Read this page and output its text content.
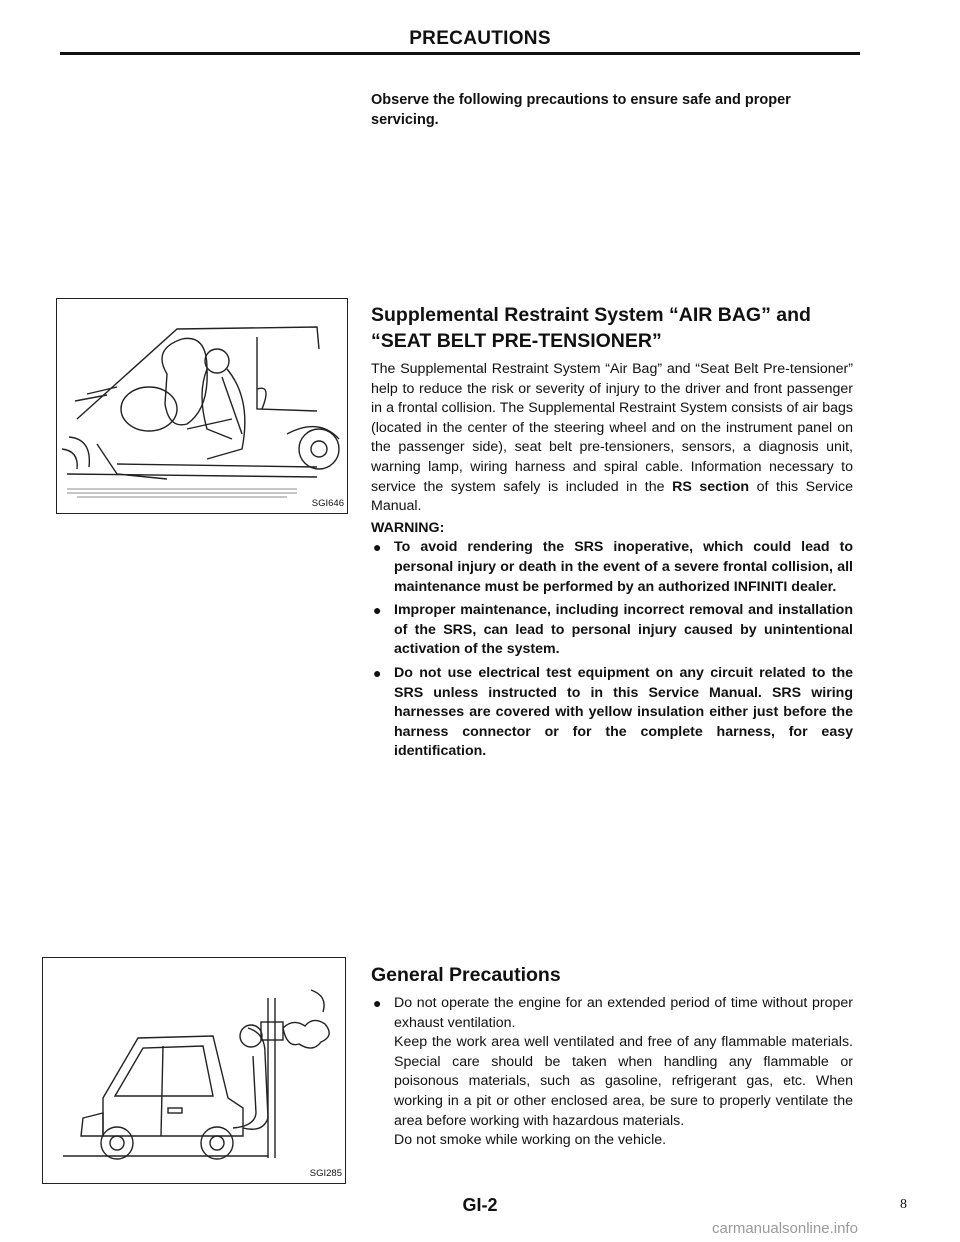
PRECAUTIONS
Observe the following precautions to ensure safe and proper servicing.
SGI646
SGI285
Supplemental Restraint System “AIR BAG” and “SEAT BELT PRE-TENSIONER”

The Supplemental Restraint System “Air Bag” and “Seat Belt Pre-tensioner” help to reduce the risk or severity of injury to the driver and front passenger in a frontal collision. The Supplemental Restraint System consists of air bags (located in the center of the steering wheel and on the instrument panel on the passenger side), seat belt pre-tensioners, sensors, a diagnosis unit, warning lamp, wiring harness and spiral cable. Information necessary to service the system safely is included in the RS section of this Service Manual.

WARNING:
● To avoid rendering the SRS inoperative, which could lead to personal injury or death in the event of a severe frontal collision, all maintenance must be performed by an authorized INFINITI dealer.
● Improper maintenance, including incorrect removal and installation of the SRS, can lead to personal injury caused by unintentional activation of the system.
● Do not use electrical test equipment on any circuit related to the SRS unless instructed to in this Service Manual. SRS wiring harnesses are covered with yellow insulation either just before the harness connector or for the complete harness, for easy identification.
General Precautions
● Do not operate the engine for an extended period of time without proper exhaust ventilation.
Keep the work area well ventilated and free of any flammable materials. Special care should be taken when handling any flammable or poisonous materials, such as gasoline, refrigerant gas, etc. When working in a pit or other enclosed area, be sure to properly ventilate the area before working with hazardous materials.
Do not smoke while working on the vehicle.
GI-2	8
carmanualsonline.info
